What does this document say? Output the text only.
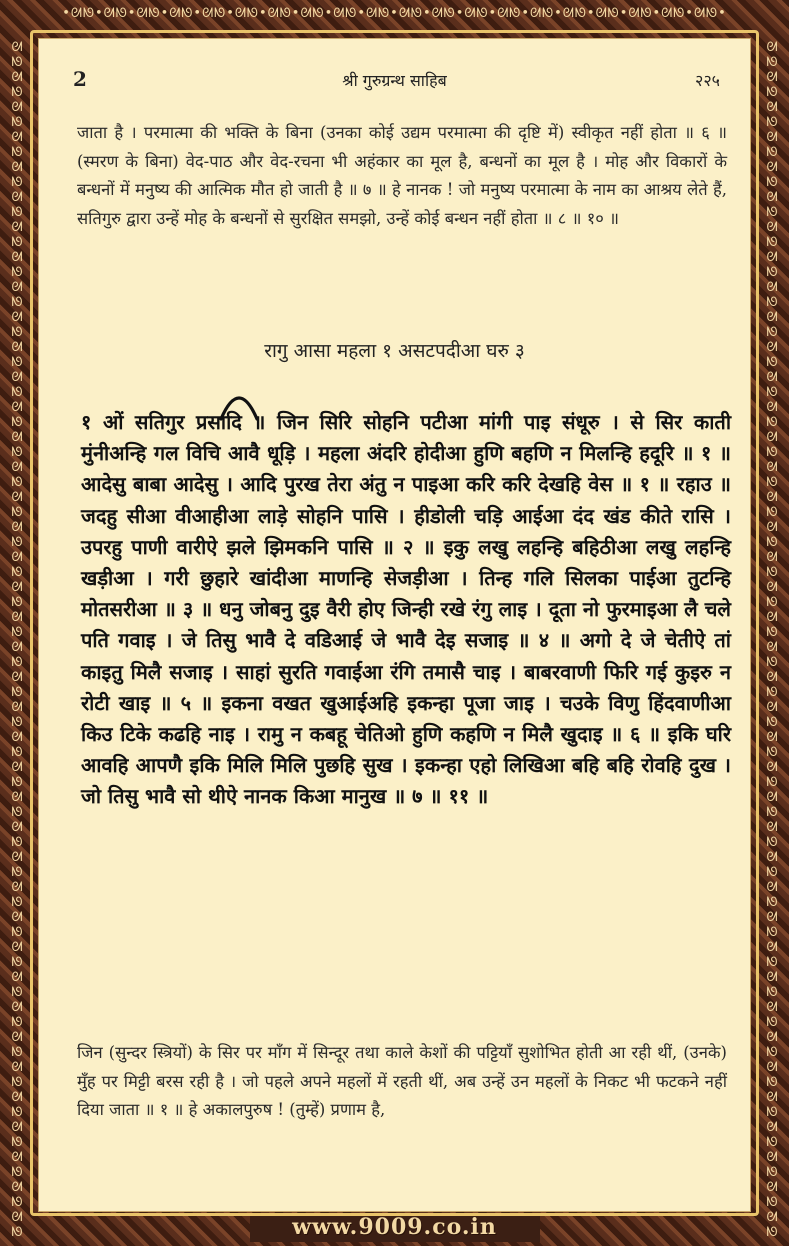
•ᘛᘚ•ᘛᘚ•ᘛᘚ•ᘛᘚ•ᘛᘚ•ᘛᘚ•ᘛᘚ•ᘛᘚ•ᘛᘚ•ᘛᘚ•ᘛᘚ•ᘛᘚ•ᘛᘚ•ᘛᘚ•ᘛᘚ•ᘛᘚ•ᘛᘚ•ᘛᘚ•ᘛᘚ•ᘛᘚ•
ᘛᘚᘛᘚᘛᘚᘛᘚᘛᘚᘛᘚᘛᘚᘛᘚᘛᘚᘛᘚᘛᘚᘛᘚᘛᘚᘛᘚᘛᘚᘛᘚᘛᘚᘛᘚᘛᘚᘛᘚᘛᘚᘛᘚᘛᘚᘛᘚᘛᘚᘛᘚᘛᘚᘛᘚᘛᘚᘛᘚᘛᘚᘛᘚᘛᘚᘛᘚᘛᘚᘛᘚᘛᘚᘛᘚᘛᘚᘛᘚ
ᘛᘚᘛᘚᘛᘚᘛᘚᘛᘚᘛᘚᘛᘚᘛᘚᘛᘚᘛᘚᘛᘚᘛᘚᘛᘚᘛᘚᘛᘚᘛᘚᘛᘚᘛᘚᘛᘚᘛᘚᘛᘚᘛᘚᘛᘚᘛᘚᘛᘚᘛᘚᘛᘚᘛᘚᘛᘚᘛᘚᘛᘚᘛᘚᘛᘚᘛᘚᘛᘚᘛᘚᘛᘚᘛᘚᘛᘚᘛᘚ
2	श्री गुरुग्रन्थ साहिब	२२५

जाता है । परमात्मा की भक्ति के बिना (उनका कोई उद्यम परमात्मा की दृष्टि में) स्वीकृत नहीं होता ॥ ६ ॥ (स्मरण के बिना) वेद-पाठ और वेद-रचना भी अहंकार का मूल है, बन्धनों का मूल है । मोह और विकारों के बन्धनों में मनुष्य की आत्मिक मौत हो जाती है ॥ ७ ॥ हे नानक ! जो मनुष्य परमात्मा के नाम का आश्रय लेते हैं, सतिगुरु द्वारा उन्हें मोह के बन्धनों से सुरक्षित समझो, उन्हें कोई बन्धन नहीं होता ॥ ८ ॥ १० ॥

रागु आसा महला १ असटपदीआ घरु ३

१ ओं सतिगुर प्रसादि ॥ जिन सिरि सोहनि पटीआ मांगी पाइ संधूरु । से सिर काती मुंनीअन्हि गल विचि आवै धूड़ि । महला अंदरि होदीआ हुणि बहणि न मिलन्हि हदूरि ॥ १ ॥ आदेसु बाबा आदेसु । आदि पुरख तेरा अंतु न पाइआ करि करि देखहि वेस ॥ १ ॥ रहाउ ॥ जदहु सीआ वीआहीआ लाड़े सोहनि पासि । हीडोली चड़ि आईआ दंद खंड कीते रासि । उपरहु पाणी वारीऐ झले झिमकनि पासि ॥ २ ॥ इकु लखु लहन्हि बहिठीआ लखु लहन्हि खड़ीआ । गरी छुहारे खांदीआ माणन्हि सेजड़ीआ । तिन्ह गलि सिलका पाईआ तुटन्हि मोतसरीआ ॥ ३ ॥ धनु जोबनु दुइ वैरी होए जिन्ही रखे रंगु लाइ । दूता नो फुरमाइआ लै चले पति गवाइ । जे तिसु भावै दे वडिआई जे भावै देइ सजाइ ॥ ४ ॥ अगो दे जे चेतीऐ तां काइतु मिलै सजाइ । साहां सुरति गवाईआ रंगि तमासै चाइ । बाबरवाणी फिरि गई कुइरु न रोटी खाइ ॥ ५ ॥ इकना वखत खुआईअहि इकन्हा पूजा जाइ । चउके विणु हिंदवाणीआ किउ टिके कढहि नाइ । रामु न कबहू चेतिओ हुणि कहणि न मिलै खुदाइ ॥ ६ ॥ इकि घरि आवहि आपणै इकि मिलि मिलि पुछहि सुख । इकन्हा एहो लिखिआ बहि बहि रोवहि दुख । जो तिसु भावै सो थीऐ नानक किआ मानुख ॥ ७ ॥ ११ ॥

जिन (सुन्दर स्त्रियों) के सिर पर माँग में सिन्दूर तथा काले केशों की पट्टियाँ सुशोभित होती आ रही थीं, (उनके) मुँह पर मिट्टी बरस रही है । जो पहले अपने महलों में रहती थीं, अब उन्हें उन महलों के निकट भी फटकने नहीं दिया जाता ॥ १ ॥ हे अकालपुरुष ! (तुम्हें) प्रणाम है,

www.9009.co.in
